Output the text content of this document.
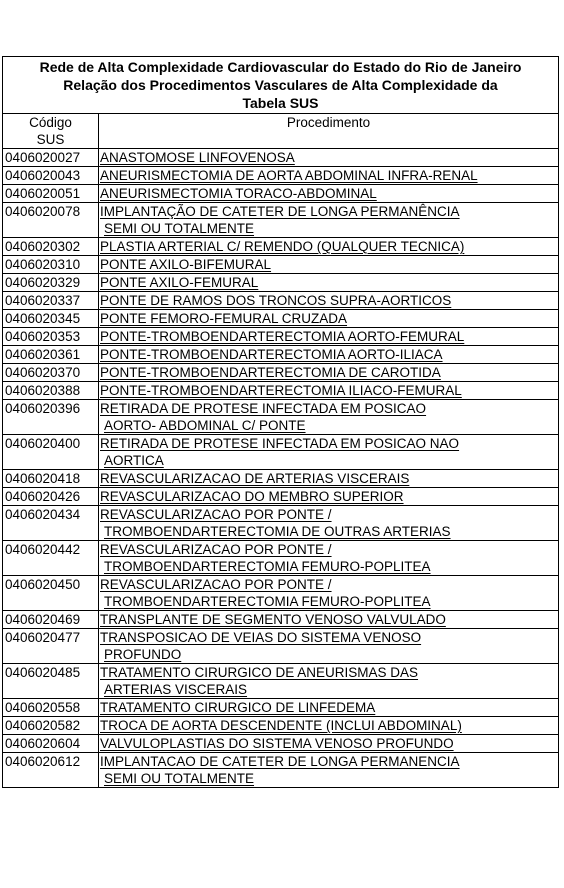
Rede de Alta Complexidade Cardiovascular do Estado do Rio de Janeiro
Relação dos Procedimentos Vasculares de Alta Complexidade da
Tabela SUS	

Código
SUS	Procedimento
0406020027	ANASTOMOSE LINFOVENOSA
0406020043	ANEURISMECTOMIA DE AORTA ABDOMINAL INFRA-RENAL
0406020051	ANEURISMECTOMIA TORACO-ABDOMINAL
0406020078	IMPLANTAÇÃO DE CATETER DE LONGA PERMANÊNCIA
SEMI OU TOTALMENTE

0406020302	PLASTIA ARTERIAL C/ REMENDO (QUALQUER TECNICA)
0406020310	PONTE AXILO-BIFEMURAL
0406020329	PONTE AXILO-FEMURAL
0406020337	PONTE DE RAMOS DOS TRONCOS SUPRA-AORTICOS
0406020345	PONTE FEMORO-FEMURAL CRUZADA
0406020353	PONTE-TROMBOENDARTERECTOMIA AORTO-FEMURAL
0406020361	PONTE-TROMBOENDARTERECTOMIA AORTO-ILIACA
0406020370	PONTE-TROMBOENDARTERECTOMIA DE CAROTIDA
0406020388	PONTE-TROMBOENDARTERECTOMIA ILIACO-FEMURAL
0406020396	RETIRADA DE PROTESE INFECTADA EM POSICAO
AORTO- ABDOMINAL C/ PONTE

0406020400	RETIRADA DE PROTESE INFECTADA EM POSICAO NAO
AORTICA

0406020418	REVASCULARIZACAO DE ARTERIAS VISCERAIS
0406020426	REVASCULARIZACAO DO MEMBRO SUPERIOR
0406020434	REVASCULARIZACAO POR PONTE /
TROMBOENDARTERECTOMIA DE OUTRAS ARTERIAS

0406020442	REVASCULARIZACAO POR PONTE /
TROMBOENDARTERECTOMIA FEMURO-POPLITEA

0406020450	REVASCULARIZACAO POR PONTE /
TROMBOENDARTERECTOMIA FEMURO-POPLITEA

0406020469	TRANSPLANTE DE SEGMENTO VENOSO VALVULADO
0406020477	TRANSPOSICAO DE VEIAS DO SISTEMA VENOSO
PROFUNDO

0406020485	TRATAMENTO CIRURGICO DE ANEURISMAS DAS
ARTERIAS VISCERAIS

0406020558	TRATAMENTO CIRURGICO DE LINFEDEMA
0406020582	TROCA DE AORTA DESCENDENTE (INCLUI ABDOMINAL)
0406020604	VALVULOPLASTIAS DO SISTEMA VENOSO PROFUNDO
0406020612	IMPLANTACAO DE CATETER DE LONGA PERMANENCIA
SEMI OU TOTALMENTE
